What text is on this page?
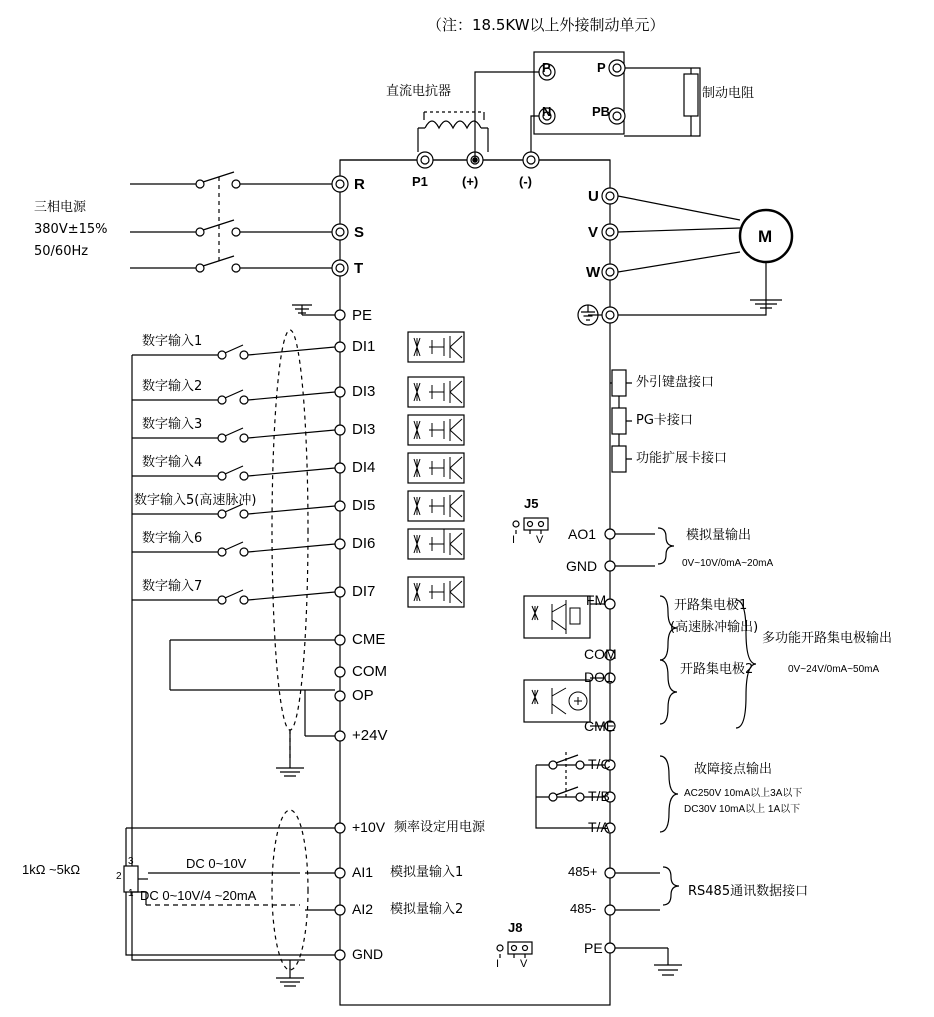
（注：18.5KW以上外接制动单元）
直流电抗器	制动电阻
P	P
N	PB
P1	(+)	(-)
三相电源
380V±15%
50/60Hz
R
S
T
PE
U
V
W
M
数字输入1
数字输入2
数字输入3
数字输入4
数字输入5(高速脉冲)
数字输入6
数字输入7
DI1
DI3
DI3
DI4
DI5
DI6
DI7
CME
COM
OP
+24V
外引键盘接口
PG卡接口
功能扩展卡接口
J5
I V AO1
GND
模拟量输出
0V~10V/0mA~20mA
FM
COM
DO1
CME
开路集电极1
(高速脉冲输出)
开路集电极2
多功能开路集电极输出
0V~24V/0mA~50mA
T/C
T/B
T/A
故障接点输出
AC250V 10mA以上3A以下
DC30V 10mA以上 1A以下
+10V 频率设定用电源
AI1 模拟量输入1
AI2 模拟量输入2
GND
1kΩ ~5kΩ
3
2
1
DC 0~10V
DC 0~10V/4 ~20mA
J8
I V
485+
485-
PE
RS485通讯数据接口
